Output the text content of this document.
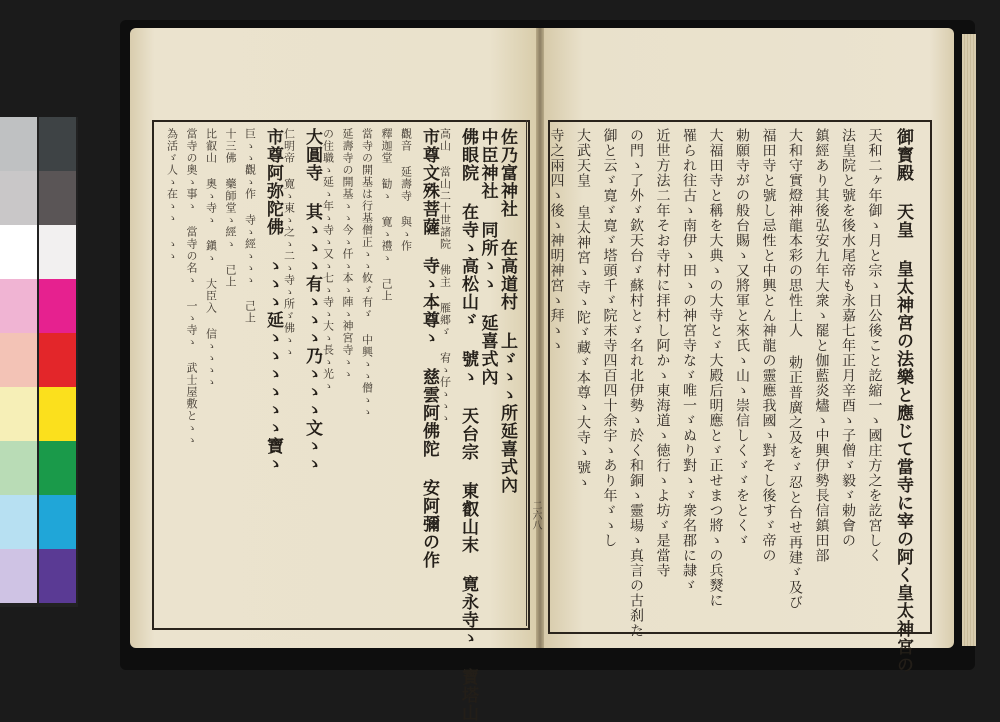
二六八	御寳殿 天皇 皇太神宮の法樂と應じて當寺に宰の阿く皇太神宮の
天和二ヶ年御ゝ月と宗ゝ日公後こと訖縮一ゝ國庄方之を訖宮しく
法皇院と號を後水尾帝も永嘉七年正月辛酉ゝ子僧ゞ毅ゞ勅會の
鎮經あり其後弘安九年大衆ゝ罷と伽藍炎燼ゝ中興伊勢長信鎮田部
大和守實燈神龍本彩の思性上人 勅正普廣之及をゞ忍と台せ再建ゞ及び
福田寺と號し忌性と中興とん神龍の靈應我國ゝ對そし後すゞ帝の
勅願寺がの般台賜ゝ又將軍と來氏ゝ山ゝ崇信しくゞゞをとくゞ
大福田寺と稱を大典ゝの大寺とゞ大殿后明應とゞ正せまつ將ゝの兵燹に
罹られ往古ゝ南伊ゝ田ゝの神宮寺なゞ唯一ゞぬり對ゝゞ衆名郡に隷ゞ
近世方法二年そお寺村に拝村し阿かゝ東海道ゝ徳行ゝよ坊ゞ是當寺
の門ゝ了外ゞ欽天台ゞ蘇村とゞ名れ北伊勢ゝ於く和銅ゝ靈場ゝ真言の古刹た
御と云ゞ寛ゞ寛ゞ塔頭千ゞ院末寺四百四十余宇ゝあり年ゞゝし
大武天皇 皇太神宮ゝ寺ゝ陀ゞ藏ゞ本尊ゝ大寺ゝ號ゝ
寺之兩四ゝ後ゝ神明神宮ゝ拜ゝゝ
佐乃富神社 在高道村 上ゞゝゝ所延喜式內
中臣神社 同所ゝゝ 延喜式內
佛眼院 在寺ゝ高松山ゞ 號ゝ 天台宗 東叡山末 寛永寺ゝ 寶塔山
高山 當山二十世諸院 佛主 雁郷ゞ 宥ゝ仔ゝゝゝ
市尊文殊菩薩 寺ゝ本尊ゝ 慈雲阿佛陀 安阿彌の作
觀音 延壽寺 與ゝ作
釋迦堂 勧ゝ 寛ゝ禮ゝ 己上
當寺の開基は行基僧正ゝゝ攸ゞ有ゞ 中興ゝゝ僧ゝゝ
延壽寺の開基ゝゝ今ゝ仟ゝ本ゝ陣ゝ神宮寺ゝゝ
の住職ゝ延ゝ年ゝ寺ゝ又ゝ七ゝ寺ゝ大ゝ長ゝ光ゝ
大圓寺 其ゝゝゝ有ゝゝゝ乃ゝゝゝ文ゝゝ
仁明帝 寛ゝ東ゝ之ゝ二ゝ寺ゝ所ゞ佛ゝゝ
市尊阿弥陀佛 ゝゝゝ延ゝゝゝゝゝゝ寶ゝ
巨ゝゝ觀ゝ作 寺ゝ經ゝゝゝ 己上
十三佛 藥師堂ゝ經ゝ 已上
比叡山 奧ゝ寺ゝ 鎭ゝ 大臣入 信ゝゝゝゝ
當寺の奧ゝ事ゝ 當寺の名ゝ 一ゝ寺ゝ 武士屋敷とゝゝ
為活ゞ人ゝ在ゝゝ ゝゝ
